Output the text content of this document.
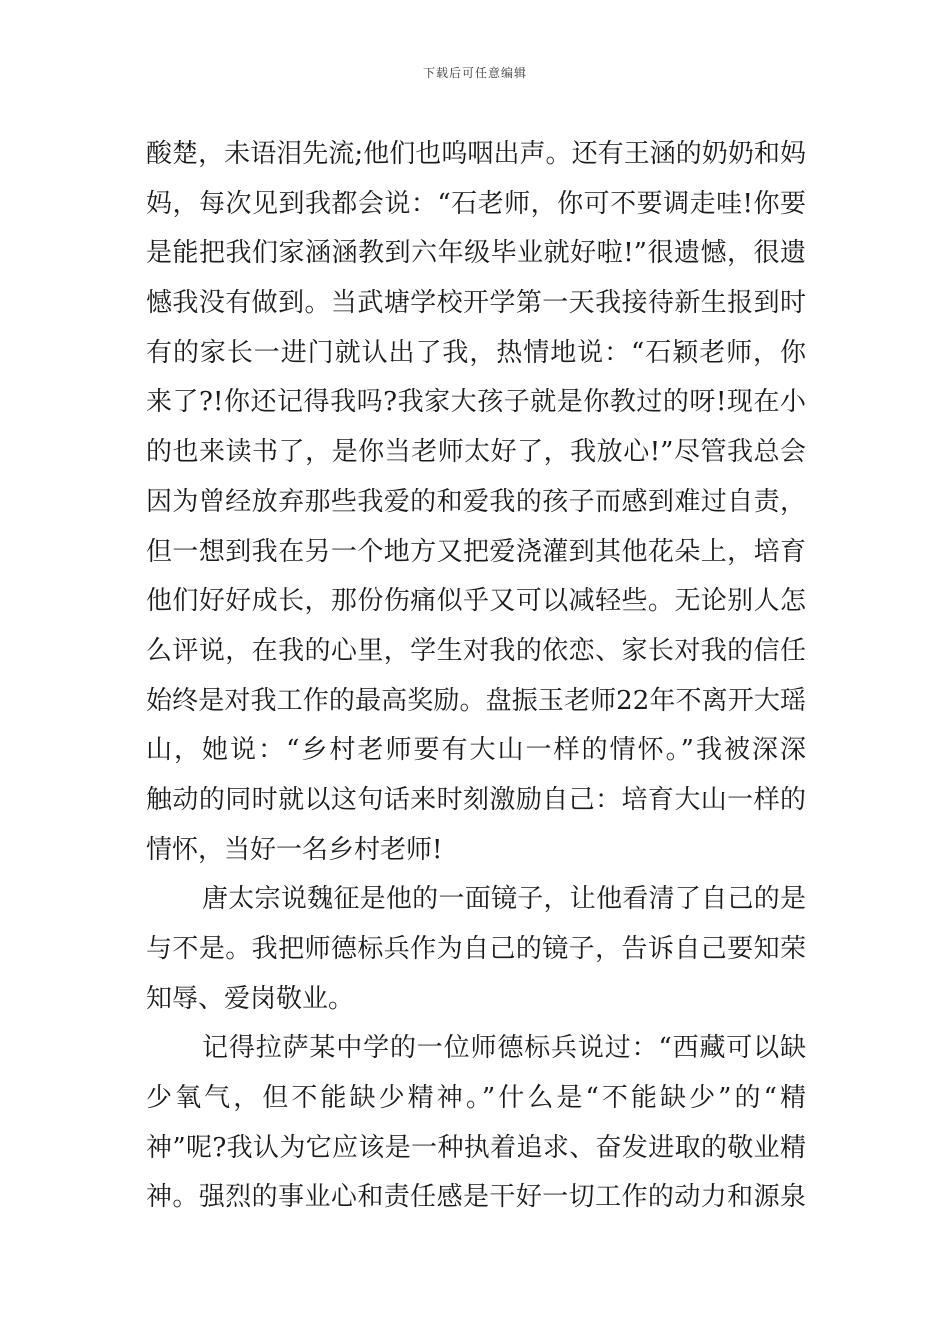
下载后可任意编辑
酸楚，未语泪先流;他们也呜咽出声。还有王涵的奶奶和妈
妈，每次见到我都会说：“石老师，你可不要调走哇!你要
是能把我们家涵涵教到六年级毕业就好啦!”很遗憾，很遗
憾我没有做到。当武塘学校开学第一天我接待新生报到时
有的家长一进门就认出了我，热情地说：“石颖老师，你
来了?!你还记得我吗?我家大孩子就是你教过的呀!现在小
的也来读书了，是你当老师太好了，我放心!”尽管我总会
因为曾经放弃那些我爱的和爱我的孩子而感到难过自责，
但一想到我在另一个地方又把爱浇灌到其他花朵上，培育
他们好好成长，那份伤痛似乎又可以减轻些。无论别人怎
么评说，在我的心里，学生对我的依恋、家长对我的信任
始终是对我工作的最高奖励。盘振玉老师22年不离开大瑶
山，她说：“乡村老师要有大山一样的情怀。”我被深深
触动的同时就以这句话来时刻激励自己：培育大山一样的
情怀，当好一名乡村老师!
唐太宗说魏征是他的一面镜子，让他看清了自己的是
与不是。我把师德标兵作为自己的镜子，告诉自己要知荣
知辱、爱岗敬业。
记得拉萨某中学的一位师德标兵说过：“西藏可以缺
少氧气，但不能缺少精神。”什么是“不能缺少”的“精
神”呢?我认为它应该是一种执着追求、奋发进取的敬业精
神。强烈的事业心和责任感是干好一切工作的动力和源泉
